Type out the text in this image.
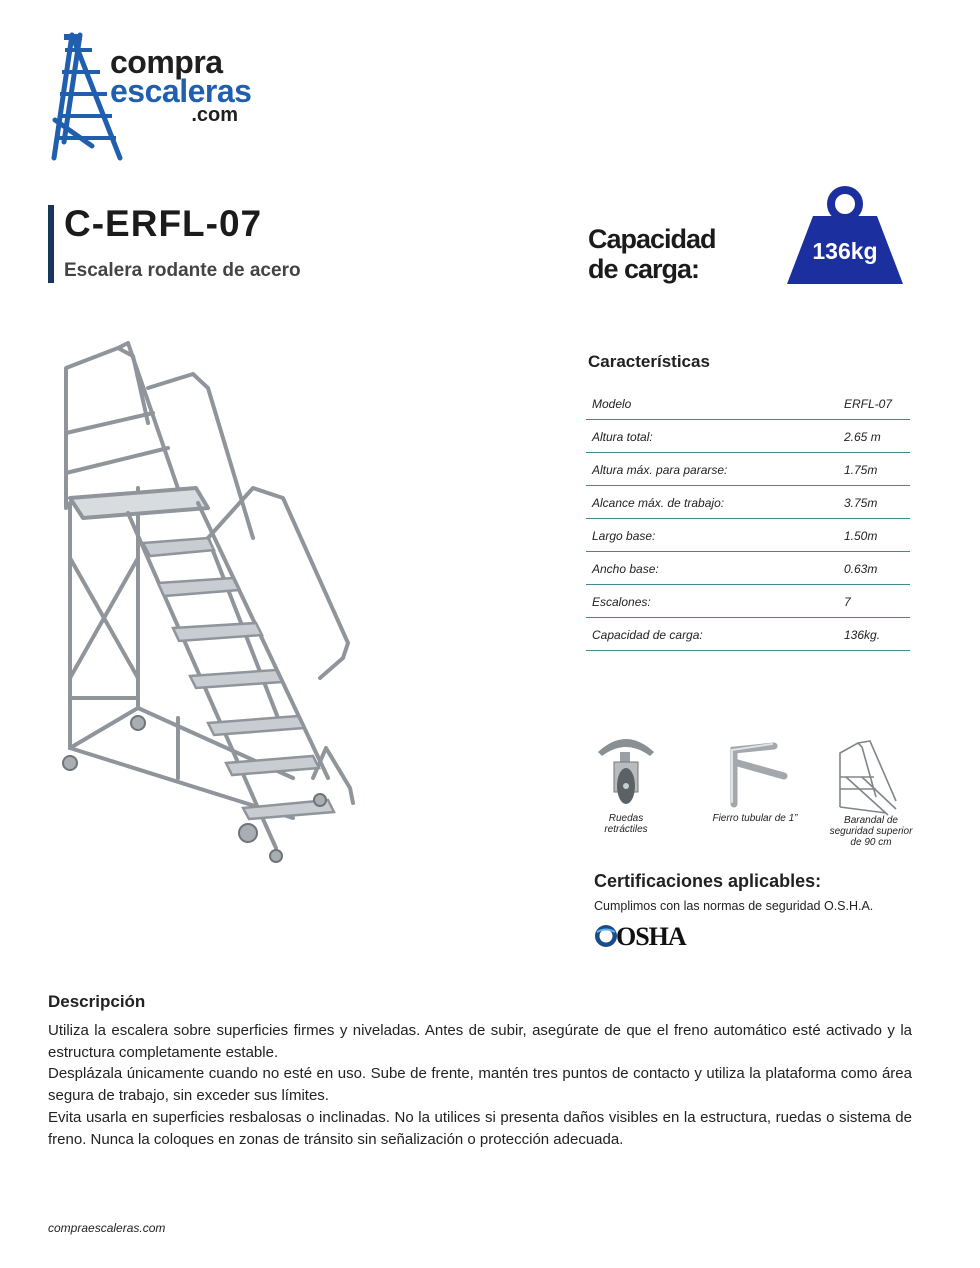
compra
escaleras
.com
C-ERFL-07
Escalera rodante de acero
Capacidad de carga:
136kg
Características
Modelo	ERFL-07
Altura total:	2.65 m
Altura máx. para pararse:	1.75m
Alcance máx. de trabajo:	3.75m
Largo base:	1.50m
Ancho base:	0.63m
Escalones:	7
Capacidad de carga:	136kg.
Ruedas retráctiles
Fierro tubular de 1”	Barandal de seguridad superior de 90 cm
Certificaciones aplicables:
Cumplimos con las normas de seguridad O.S.H.A.
OSHA
Descripción

Utiliza la escalera sobre superficies firmes y niveladas. Antes de subir, asegúrate de que el freno automático esté activado y la estructura completamente estable.

Desplázala únicamente cuando no esté en uso. Sube de frente, mantén tres puntos de contacto y utiliza la plataforma como área segura de trabajo, sin exceder sus límites.

Evita usarla en superficies resbalosas o inclinadas. No la utilices si presenta daños visibles en la estructura, ruedas o sistema de freno. Nunca la coloques en zonas de tránsito sin señalización o protección adecuada.

compraescaleras.com
